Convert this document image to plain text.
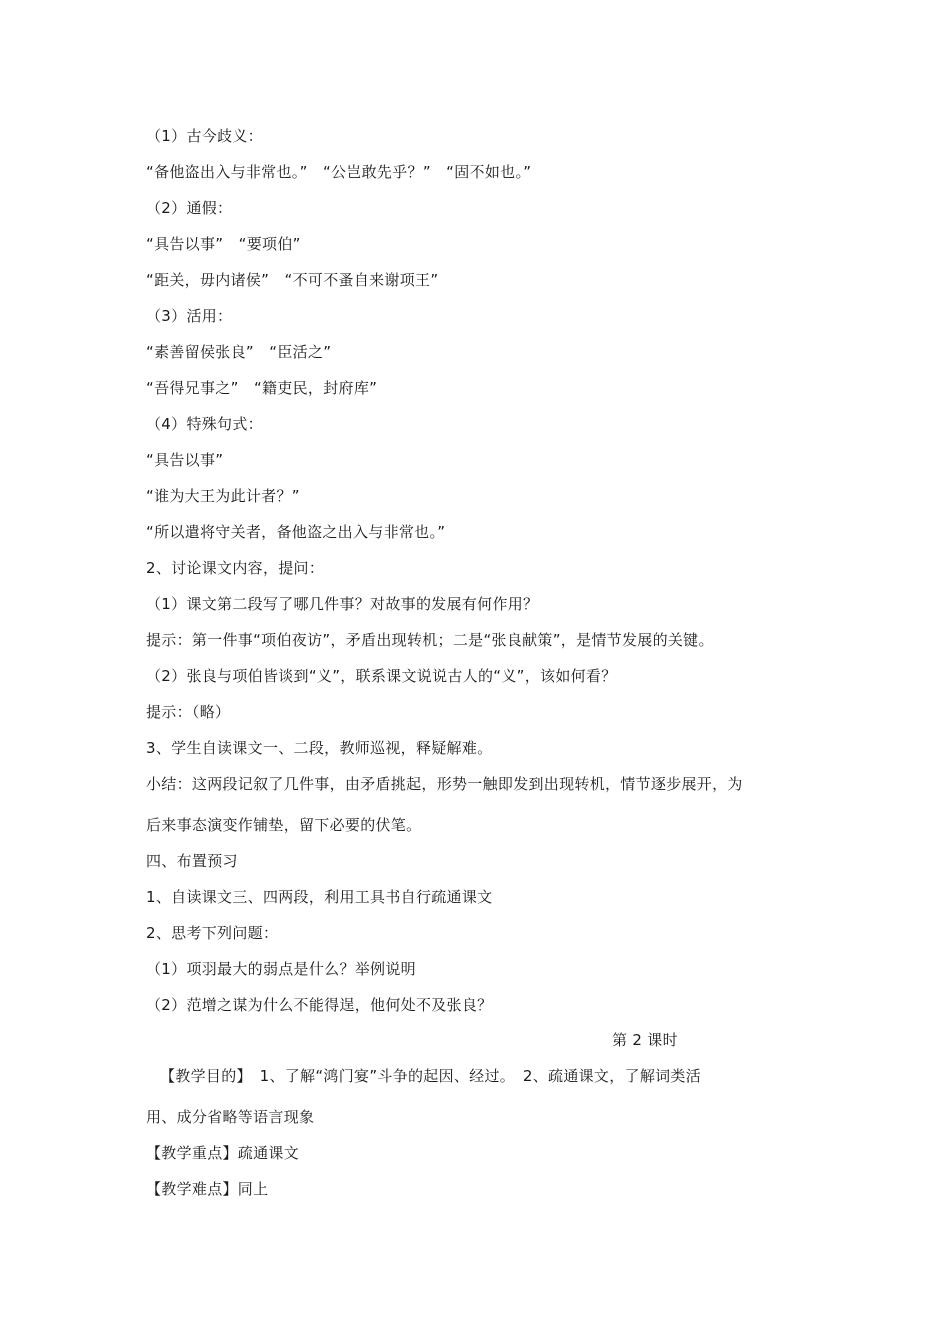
（1）古今歧义：
“备他盗出入与非常也。”　“公岂敢先乎？”　“固不如也。”
（2）通假：
“具告以事”　“要项伯”
“距关，毋内诸侯”　“不可不蚤自来谢项王”
（3）活用：
“素善留侯张良”　“臣活之”
“吾得兄事之”　“籍吏民，封府库”
（4）特殊句式：
“具告以事”
“谁为大王为此计者？”
“所以遣将守关者，备他盗之出入与非常也。”
2、讨论课文内容，提问：
（1）课文第二段写了哪几件事？对故事的发展有何作用？
提示：第一件事“项伯夜访”，矛盾出现转机；二是“张良献策”，是情节发展的关键。
（2）张良与项伯皆谈到“义”，联系课文说说古人的“义”，该如何看？
提示：（略）
3、学生自读课文一、二段，教师巡视，释疑解难。
小结：这两段记叙了几件事，由矛盾挑起，形势一触即发到出现转机，情节逐步展开，为
后来事态演变作铺垫，留下必要的伏笔。
四、布置预习
1、自读课文三、四两段，利用工具书自行疏通课文
2、思考下列问题：
（1）项羽最大的弱点是什么？举例说明
（2）范增之谋为什么不能得逞，他何处不及张良？
第 2 课时
【教学目的】　1、了解“鸿门宴”斗争的起因、经过。　2、疏通课文，了解词类活
用、成分省略等语言现象
【教学重点】疏通课文
【教学难点】同上
